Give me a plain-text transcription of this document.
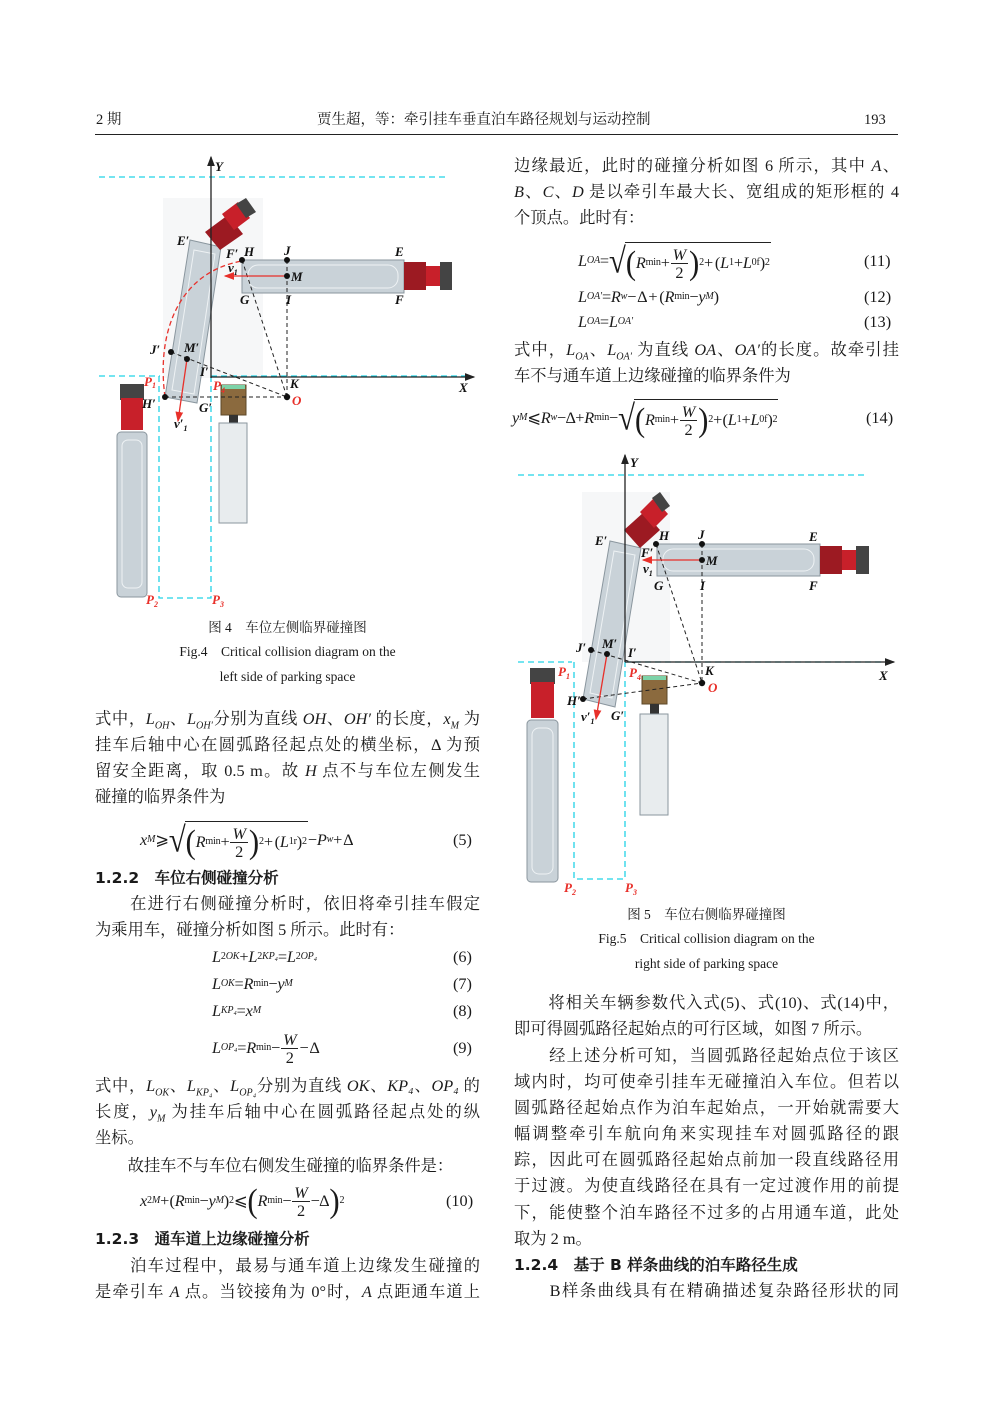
2 期	贾生超，等：牵引挂车垂直泊车路径规划与运动控制	193
Y
X
E′
F′ H J	E
M
G	I	F
J′ M′
I′
K
H′	G′	O
$v_1$
$v'_1$
P1	$P_4$
$P_2$	$P_3$
Y
X
E′
F′
H J	E
M
G	I	F
J′ M′
I′
K
H′
G′
O
$v_1$
$v'_1$
$P_1$	$P_4$
$P_2$	$P_3$
图 4　车位左侧临界碰撞图
Fig.4　Critical collision diagram on the
left side of parking space
图 5　车位右侧临界碰撞图
Fig.5　Critical collision diagram on the
right side of parking space
式中，$L_{OH}$、$L_{OH'}$分别为直线 OH、OH′ 的长度，$x_M$ 为
挂车后轴中心在圆弧路径起点处的横坐标，Δ 为预
留安全距离，取 0.5 m。故 H 点不与车位左侧发生
碰撞的临界条件为
x M ⩾ √ ( R $\min + \frac{W}{2}$ ) 2 + ( L 1r ) 2 − P w + Δ	(5)
1.2.2　车位右侧碰撞分析
　　在进行右侧碰撞分析时，依旧将牵引挂车假定
为乘用车，碰撞分析如图 5 所示。此时有：
L 2 OK + L 2 KP₄ = L 2 OP₄	(6)
L OK = R min − y M	(7)
L KP₄ = x M	(8)
L OP₄ = R $\min - \frac{W}{2} - \Delta$	(9)
式中，$L_{OK}$、$L_{KP_4}$、$L_{OP_4}$分别为直线 OK、KP₄、OP₄ 的
长度，$y_M$ 为挂车后轴中心在圆弧路径起点处的纵
坐标。
　　故挂车不与车位右侧发生碰撞的临界条件是：
x 2 M + ( R min − y M ) 2 ⩽ ( R $\min - \frac{W}{2} - \Delta$ ) 2	(10)
1.2.3　通车道上边缘碰撞分析
　　泊车过程中，最易与通车道上边缘发生碰撞的
是牵引车 A 点。当铰接角为 0°时，A 点距通车道上
边缘最近，此时的碰撞分析如图 6 所示，其中 A、
B、C、D 是以牵引车最大长、宽组成的矩形框的 4
个顶点。此时有：
L OA = √ ( R $\min + \frac{W}{2}$ ) 2 + ( L 1 + L 0f ) 2	(11)
L OA′ = R w − Δ + ( R min − y M )	(12)
L OA = L OA′	(13)
式中，$L_{OA}$、$L_{OA'}$ 为直线 OA、OA′的长度。故牵引挂
车不与通车道上边缘碰撞的临界条件为
y M ⩽ R w − Δ + R min − √ ( R $\min + \frac{W}{2}$ ) 2 + ( L 1 + L 0f ) 2	(14)
　　将相关车辆参数代入式(5)、式(10)、式(14)中，
即可得圆弧路径起始点的可行区域，如图 7 所示。
　　经上述分析可知，当圆弧路径起始点位于该区
域内时，均可使牵引挂车无碰撞泊入车位。但若以
圆弧路径起始点作为泊车起始点，一开始就需要大
幅调整牵引车航向角来实现挂车对圆弧路径的跟
踪，因此可在圆弧路径起始点前加一段直线路径用
于过渡。为使直线路径在具有一定过渡作用的前提
下，能使整个泊车路径不过多的占用通车道，此处
取为 2 m。
1.2.4　基于 B 样条曲线的泊车路径生成
　　B样条曲线具有在精确描述复杂路径形状的同
